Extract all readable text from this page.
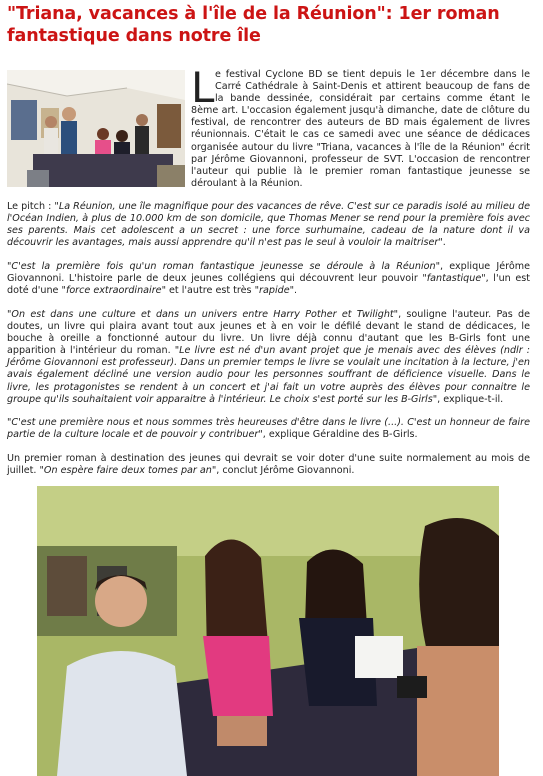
"Triana, vacances à l'île de la Réunion": 1er roman fantastique dans notre île
L e festival Cyclone BD se tient depuis le 1er décembre dans le Carré Cathédrale à Saint-Denis et attirent beaucoup de fans de la bande dessinée, considérait par certains comme étant le 8ème art. L'occasion également jusqu'à dimanche, date de clôture du festival, de rencontrer des auteurs de BD mais également de livres réunionnais. C'était le cas ce samedi avec une séance de dédicaces organisée autour du livre "Triana, vacances à l'île de la Réunion" écrit par Jérôme Giovannoni, professeur de SVT. L'occasion de rencontrer l'auteur qui publie là le premier roman fantastique jeunesse se déroulant à la Réunion.

Le pitch : "La Réunion, une île magnifique pour des vacances de rêve. C'est sur ce paradis isolé au milieu de l'Océan Indien, à plus de 10.000 km de son domicile, que Thomas Mener se rend pour la première fois avec ses parents. Mais cet adolescent a un secret : une force surhumaine, cadeau de la nature dont il va découvrir les avantages, mais aussi apprendre qu'il n'est pas le seul à vouloir la maitriser".

"C'est la première fois qu'un roman fantastique jeunesse se déroule à la Réunion", explique Jérôme Giovannoni. L'histoire parle de deux jeunes collégiens qui découvrent leur pouvoir "fantastique", l'un est doté d'une "force extraordinaire" et l'autre est très "rapide".

"On est dans une culture et dans un univers entre Harry Pother et Twilight", souligne l'auteur. Pas de doutes, un livre qui plaira avant tout aux jeunes et à en voir le défilé devant le stand de dédicaces, le bouche à oreille a fonctionné autour du livre. Un livre déjà connu d'autant que les B-Girls font une apparition à l'intérieur du roman. "Le livre est né d'un avant projet que je menais avec des élèves (ndlr : Jérôme Giovannoni est professeur). Dans un premier temps le livre se voulait une incitation à la lecture, j'en avais également décliné une version audio pour les personnes souffrant de déficience visuelle. Dans le livre, les protagonistes se rendent à un concert et j'ai fait un votre auprès des élèves pour connaitre le groupe qu'ils souhaitaient voir apparaitre à l'intérieur. Le choix s'est porté sur les B-Girls", explique-t-il.

"C'est une première nous et nous sommes très heureuses d'être dans le livre (...). C'est un honneur de faire partie de la culture locale et de pouvoir y contribuer", explique Géraldine des B-Girls.

Un premier roman à destination des jeunes qui devrait se voir doter d'une suite normalement au mois de juillet. "On espère faire deux tomes par an", conclut Jérôme Giovannoni.
